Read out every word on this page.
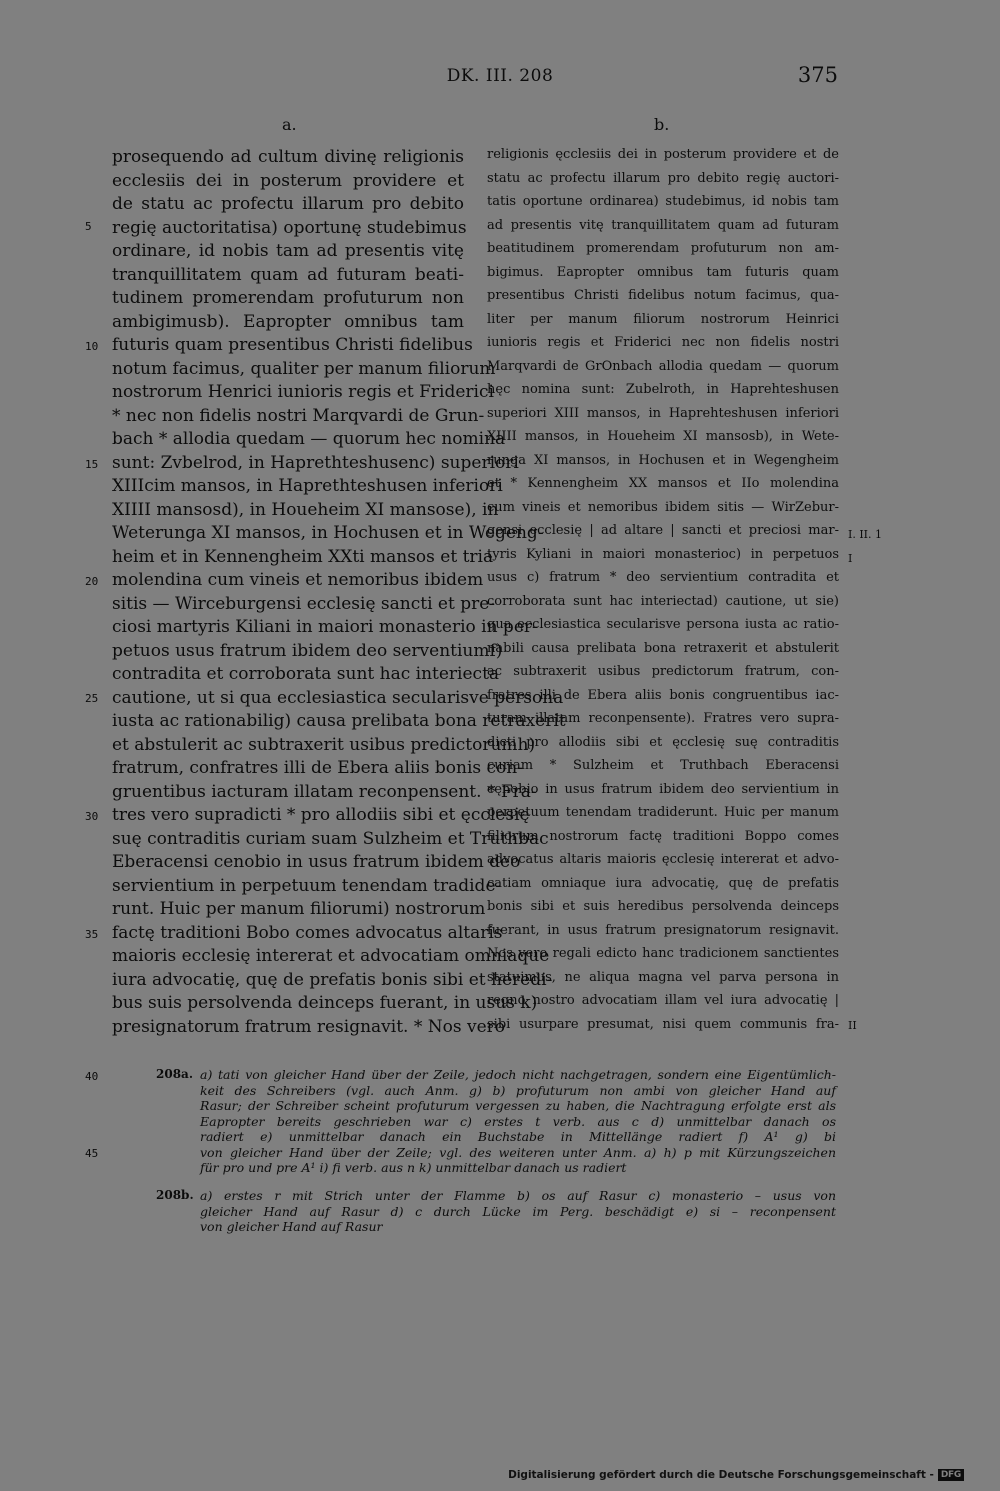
DK. III. 208	375
a.	b.
prosequendo ad cultum divinę religionis
ecclesiis dei in posterum providere et
de statu ac profectu illarum pro debito
regię auctoritatisa) oportunę studebimus
ordinare, id nobis tam ad presentis vitę
tranquillitatem quam ad futuram beati-
tudinem promerendam profuturum non
ambigimusb). Eapropter omnibus tam
futuris quam presentibus Christi fidelibus
notum facimus, qualiter per manum filiorum
nostrorum Henrici iunioris regis et Friderici
* nec non fidelis nostri Marqvardi de Grun-
bach * allodia quedam — quorum hec nomina
sunt: Zvbelrod, in Haprethteshusenc) superiori
XIIIcim mansos, in Haprethteshusen inferiori
XIIII mansosd), in Houeheim XI mansose), in
Weterunga XI mansos, in Hochusen et in Wegeng-
heim et in Kennengheim XXti mansos et tria
molendina cum vineis et nemoribus ibidem
sitis — Wirceburgensi ecclesię sancti et pre-
ciosi martyris Kiliani in maiori monasterio in per-
petuos usus fratrum ibidem deo serventiumf)
contradita et corroborata sunt hac interiecta
cautione, ut si qua ecclesiastica secularisve persona
iusta ac rationabilig) causa prelibata bona retraxerit
et abstulerit ac subtraxerit usibus predictorumh)
fratrum, confratres illi de Ebera aliis bonis con-
gruentibus iacturam illatam reconpensent. * Fra-
tres vero supradicti * pro allodiis sibi et ęcclesię
suę contraditis curiam suam Sulzheim et Truthbac
Eberacensi cenobio in usus fratrum ibidem deo
servientium in perpetuum tenendam tradide-
runt. Huic per manum filiorumi) nostrorum
factę traditioni Bobo comes advocatus altaris
maioris ecclesię intererat et advocatiam omniaque
iura advocatię, quę de prefatis bonis sibi et heredi-
bus suis persolvenda deinceps fuerant, in usus k)
presignatorum fratrum resignavit. * Nos vero
religionis ęcclesiis dei in posterum providere et de
statu ac profectu illarum pro debito regię auctori-
tatis oportune ordinarea) studebimus, id nobis tam
ad presentis vitę tranquillitatem quam ad futuram
beatitudinem promerendam profuturum non am-
bigimus. Eapropter omnibus tam futuris quam
presentibus Christi fidelibus notum facimus, qua-
liter per manum filiorum nostrorum Heinrici
iunioris regis et Friderici nec non fidelis nostri
Marqvardi de GrOnbach allodia quedam — quorum
hęc nomina sunt: Zubelroth, in Haprehteshusen
superiori XIII mansos, in Haprehteshusen inferiori
XIIII mansos, in Houeheim XI mansosb), in Wete-
runga XI mansos, in Hochusen et in Wegengheim
et * Kennengheim XX mansos et IIo molendina
cum vineis et nemoribus ibidem sitis — WirZebur-
gensi ecclesię | ad altare | sancti et preciosi mar-
tyris Kyliani in maiori monasterioc) in perpetuos
usus c) fratrum * deo servientium contradita et
corroborata sunt hac interiectad) cautione, ut sie)
qua ęcclesiastica secularisve persona iusta ac ratio-
nabili causa prelibata bona retraxerit et abstulerit
ac subtraxerit usibus predictorum fratrum, con-
fratres illi de Ebera aliis bonis congruentibus iac-
turam illatam reconpensente). Fratres vero supra-
dicti pro allodiis sibi et ęcclesię suę contraditis
curiam * Sulzheim et Truthbach Eberacensi
cęnobio in usus fratrum ibidem deo servientium in
perpetuum tenendam tradiderunt. Huic per manum
filiorum nostrorum factę traditioni Boppo comes
advocatus altaris maioris ęcclesię intererat et advo-
catiam omniaque iura advocatię, quę de prefatis
bonis sibi et suis heredibus persolvenda deinceps
fuerant, in usus fratrum presignatorum resignavit.
Nos vero regali edicto hanc tradicionem sanctientes
statuimus, ne aliqua magna vel parva persona in
regno nostro advocatiam illam vel iura advocatię |
sibi usurpare presumat, nisi quem communis fra-
5
10
15
20
25
30
35
I. II. 1
I
II
208a. a) tati von gleicher Hand über der Zeile, jedoch nicht nachgetragen, sondern eine Eigentümlich-
keit des Schreibers (vgl. auch Anm. g) b) profuturum non ambi von gleicher Hand auf
Rasur; der Schreiber scheint profuturum vergessen zu haben, die Nachtragung erfolgte erst als
Eapropter bereits geschrieben war c) erstes t verb. aus c d) unmittelbar danach os
radiert e) unmittelbar danach ein Buchstabe in Mittellänge radiert f) A¹ g) bi
von gleicher Hand über der Zeile; vgl. des weiteren unter Anm. a) h) p mit Kürzungszeichen
für pro und pre A¹ i) fi verb. aus n k) unmittelbar danach us radiert
40
45
208b. a) erstes r mit Strich unter der Flamme b) os auf Rasur c) monasterio – usus von
gleicher Hand auf Rasur d) c durch Lücke im Perg. beschädigt e) si – reconpensent
von gleicher Hand auf Rasur
Digitalisierung gefördert durch die Deutsche Forschungsgemeinschaft - DFG
